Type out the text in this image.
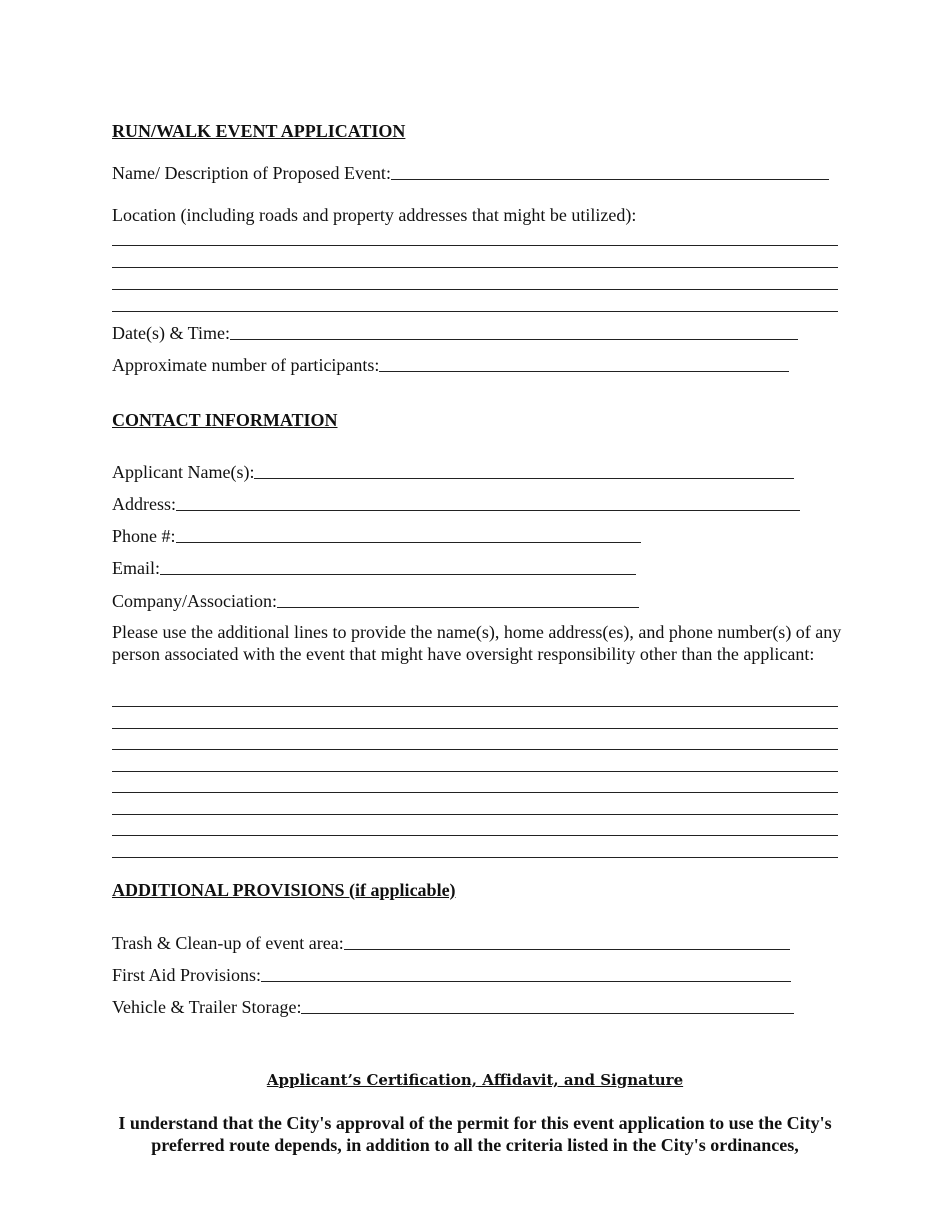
RUN/WALK EVENT APPLICATION
Name/ Description of Proposed Event:
Location (including roads and property addresses that might be utilized):
Date(s) & Time:
Approximate number of participants:
CONTACT INFORMATION
Applicant Name(s):
Address:
Phone #:
Email:
Company/Association:
Please use the additional lines to provide the name(s), home address(es), and phone number(s) of any person associated with the event that might have oversight responsibility other than the applicant:
ADDITIONAL PROVISIONS (if applicable)
Trash & Clean-up of event area:
First Aid Provisions:
Vehicle & Trailer Storage:
Applicant’s Certification, Affidavit, and Signature
I understand that the City's approval of the permit for this event application to use the City's preferred route depends, in addition to all the criteria listed in the City's ordinances,
